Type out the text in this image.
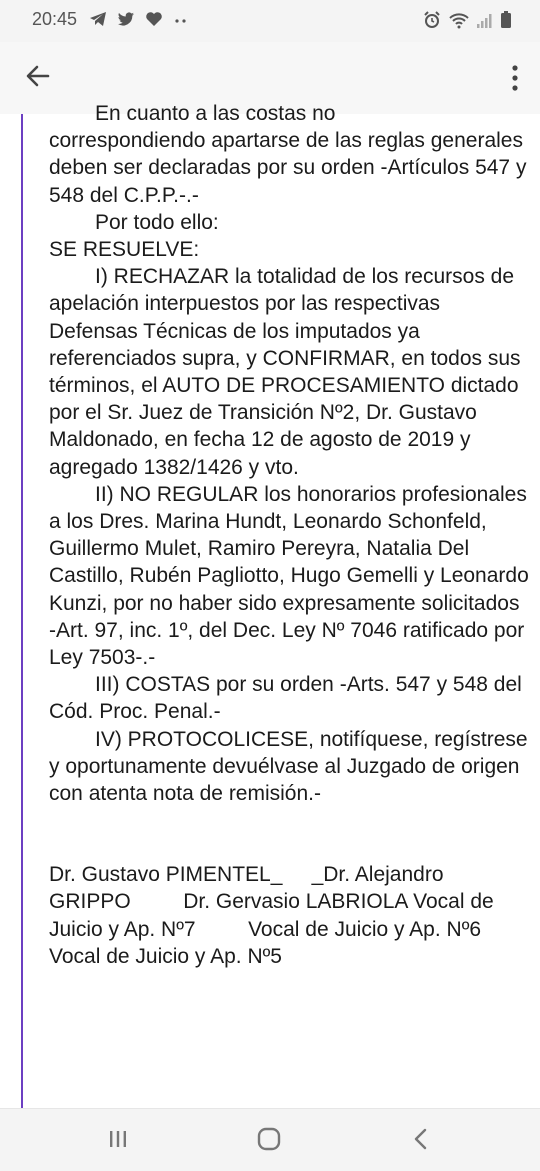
20:45

En cuanto a las costas no

correspondiendo apartarse de las reglas generales deben ser declaradas por su orden -Artículos 547 y 548 del C.P.P.-.-

Por todo ello:

SE RESUELVE:

I) RECHAZAR la totalidad de los recursos de apelación interpuestos por las respectivas Defensas Técnicas de los imputados ya referenciados supra, y CONFIRMAR, en todos sus términos, el AUTO DE PROCESAMIENTO dictado por el Sr. Juez de Transición Nº2, Dr. Gustavo Maldonado, en fecha 12 de agosto de 2019 y agregado 1382/1426 y vto.

II) NO REGULAR los honorarios profesionales a los Dres. Marina Hundt, Leonardo Schonfeld, Guillermo Mulet, Ramiro Pereyra, Natalia Del Castillo, Rubén Pagliotto, Hugo Gemelli y Leonardo Kunzi, por no haber sido expresamente solicitados -Art. 97, inc. 1º, del Dec. Ley Nº 7046 ratificado por Ley 7503-.-

III) COSTAS por su orden -Arts. 547 y 548 del Cód. Proc. Penal.-

IV) PROTOCOLICESE, notifíquese, regístrese y oportunamente devuélvase al Juzgado de origen con atenta nota de remisión.-

Dr. Gustavo PIMENTEL_     _Dr. Alejandro GRIPPO         Dr. Gervasio LABRIOLA Vocal de Juicio y Ap. Nº7         Vocal de Juicio y Ap. Nº6        Vocal de Juicio y Ap. Nº5
